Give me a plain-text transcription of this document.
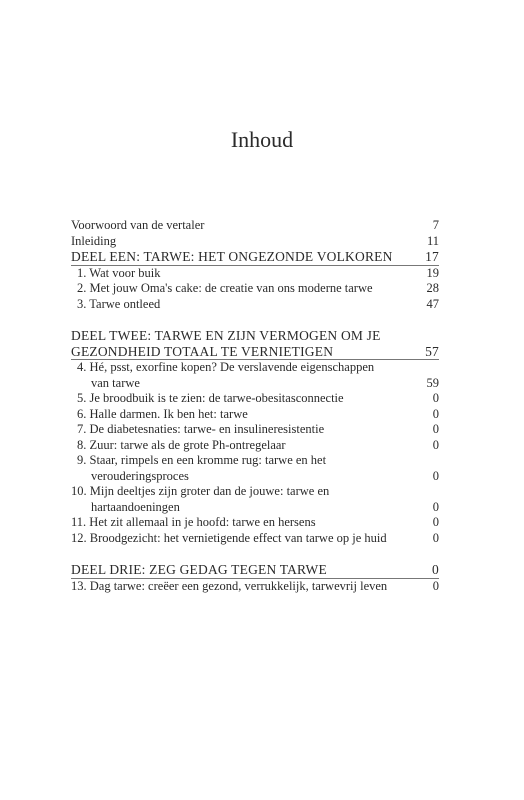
Inhoud
Voorwoord van de vertaler	7
Inleiding	11
DEEL EEN: TARWE: HET ONGEZONDE VOLKOREN	17
1. Wat voor buik	19
2. Met jouw Oma's cake: de creatie van ons moderne tarwe	28
3. Tarwe ontleed	47
DEEL TWEE: TARWE EN ZIJN VERMOGEN OM JE
GEZONDHEID TOTAAL TE VERNIETIGEN	57
4. Hé, psst, exorfine kopen? De verslavende eigenschappen
van tarwe	59
5. Je broodbuik is te zien: de tarwe-obesitasconnectie	0
6. Halle darmen. Ik ben het: tarwe	0
7. De diabetesnaties: tarwe- en insulineresistentie	0
8. Zuur: tarwe als de grote Ph-ontregelaar	0
9. Staar, rimpels en een kromme rug: tarwe en het
verouderingsproces	0
10. Mijn deeltjes zijn groter dan de jouwe: tarwe en
hartaandoeningen	0
11. Het zit allemaal in je hoofd: tarwe en hersens	0
12. Broodgezicht: het vernietigende effect van tarwe op je huid	0
DEEL DRIE: ZEG GEDAG TEGEN TARWE	0
13. Dag tarwe: creëer een gezond, verrukkelijk, tarwevrij leven	0
